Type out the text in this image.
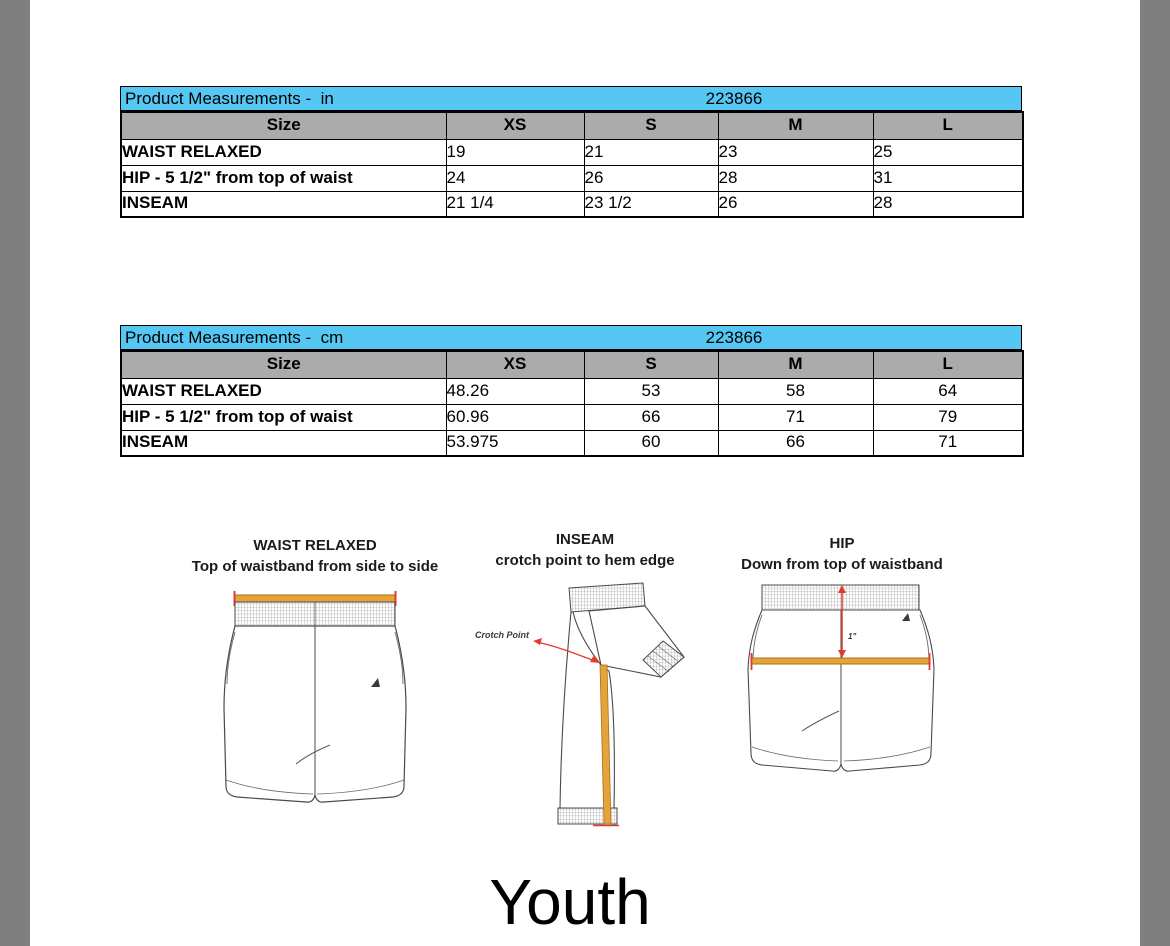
Product Measurements -  in	223866
Size	XS	S	M	L
WAIST RELAXED	19	21	23	25
HIP - 5 1/2" from top of waist	24	26	28	31
INSEAM	21 1/4	23 1/2	26	28
Product Measurements -  cm	223866
Size	XS	S	M	L
WAIST RELAXED	48.26	53	58	64
HIP - 5 1/2" from top of waist	60.96	66	71	79
INSEAM	53.975	60	66	71
WAIST RELAXED
Top of waistband from side to side
INSEAM
crotch point to hem edge
Crotch Point
HIP
Down from top of waistband
1"
Youth
